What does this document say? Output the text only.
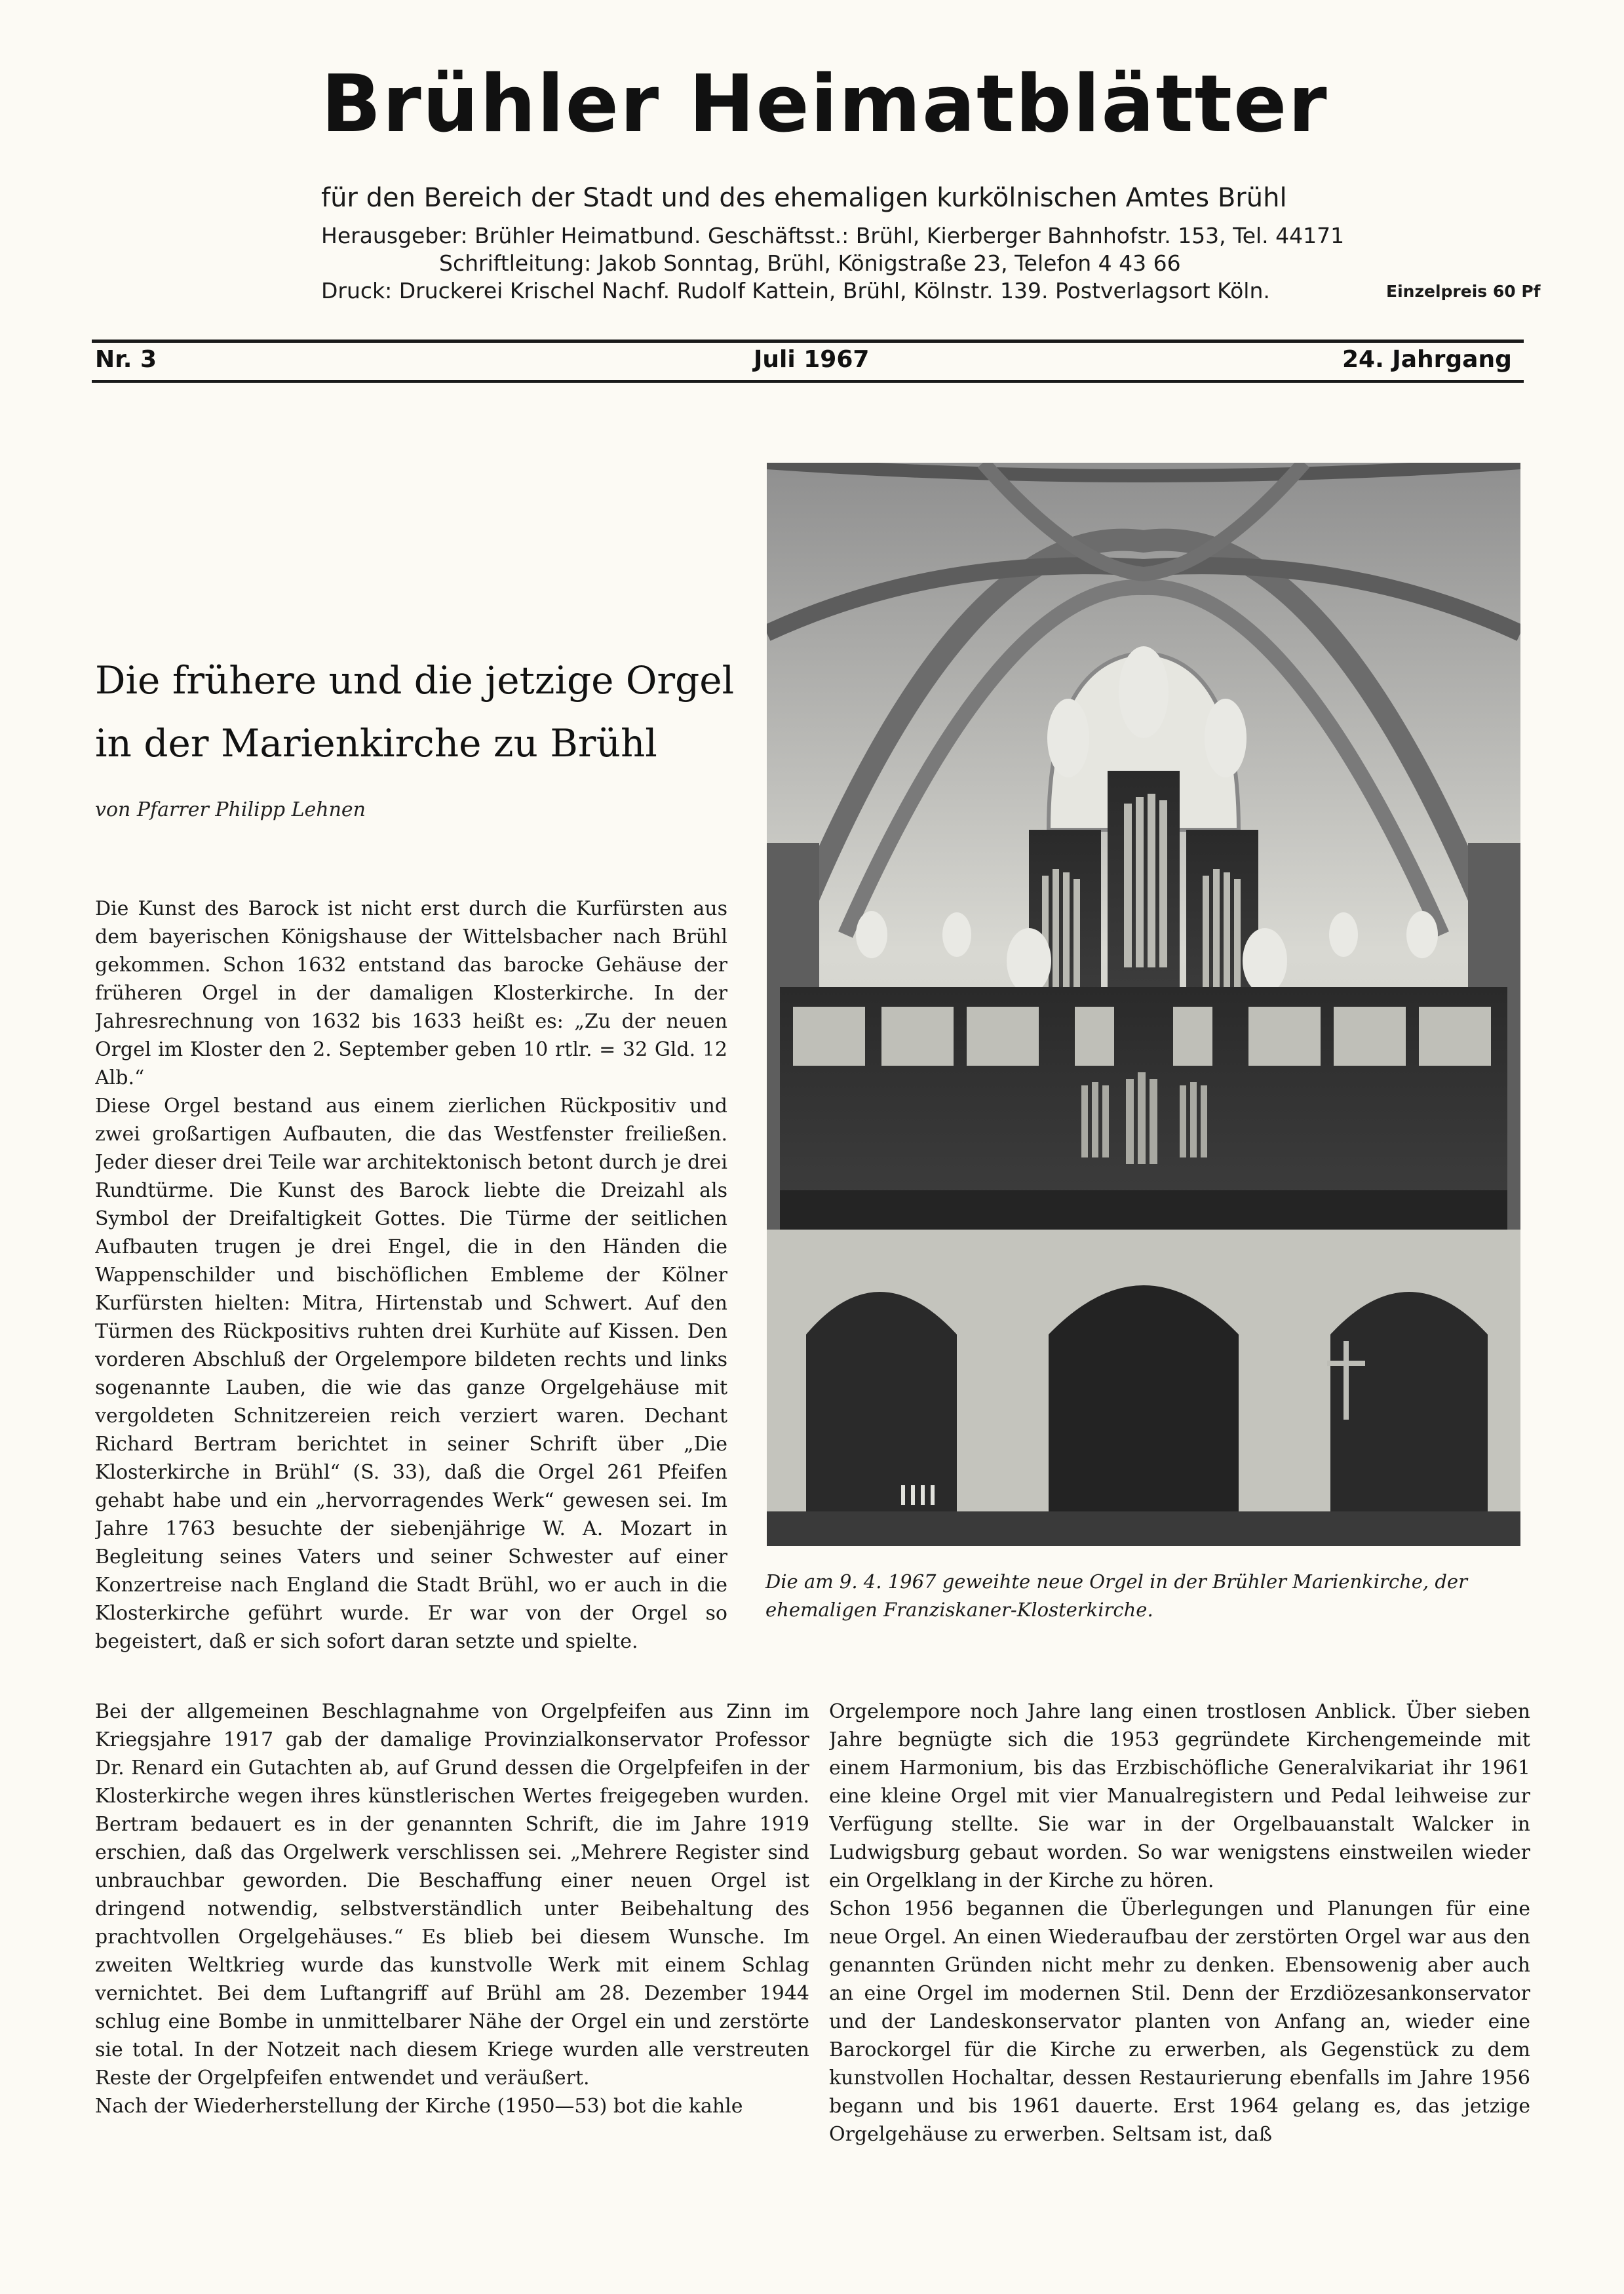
Brühler Heimatblätter
für den Bereich der Stadt und des ehemaligen kurkölnischen Amtes Brühl
Herausgeber: Brühler Heimatbund. Geschäftsst.: Brühl, Kierberger Bahnhofstr. 153, Tel. 44171
Schriftleitung: Jakob Sonntag, Brühl, Königstraße 23, Telefon 4 43 66
Druck: Druckerei Krischel Nachf. Rudolf Kattein, Brühl, Kölnstr. 139. Postverlagsort Köln.	Einzelpreis 60 Pf
Nr. 3	Juli 1967	24. Jahrgang
Die frühere und die jetzige Orgel in der Marienkirche zu Brühl
von Pfarrer Philipp Lehnen

Die Kunst des Barock ist nicht erst durch die Kurfürsten aus dem bayerischen Königshause der Wittelsbacher nach Brühl gekommen. Schon 1632 entstand das barocke Gehäuse der früheren Orgel in der damaligen Klosterkirche. In der Jahresrechnung von 1632 bis 1633 heißt es: „Zu der neuen Orgel im Kloster den 2. September geben 10 rtlr. = 32 Gld. 12 Alb.“

Diese Orgel bestand aus einem zierlichen Rückpositiv und zwei großartigen Aufbauten, die das Westfenster freiließen. Jeder dieser drei Teile war architektonisch betont durch je drei Rundtürme. Die Kunst des Barock liebte die Dreizahl als Symbol der Dreifaltigkeit Gottes. Die Türme der seitlichen Aufbauten trugen je drei Engel, die in den Händen die Wappenschilder und bischöflichen Embleme der Kölner Kurfürsten hielten: Mitra, Hirtenstab und Schwert. Auf den Türmen des Rückpositivs ruhten drei Kurhüte auf Kissen. Den vorderen Abschluß der Orgelempore bildeten rechts und links sogenannte Lauben, die wie das ganze Orgelgehäuse mit vergoldeten Schnitzereien reich verziert waren. Dechant Richard Bertram berichtet in seiner Schrift über „Die Klosterkirche in Brühl“ (S. 33), daß die Orgel 261 Pfeifen gehabt habe und ein „hervorragendes Werk“ gewesen sei. Im Jahre 1763 besuchte der siebenjährige W. A. Mozart in Begleitung seines Vaters und seiner Schwester auf einer Konzertreise nach England die Stadt Brühl, wo er auch in die Klosterkirche geführt wurde. Er war von der Orgel so begeistert, daß er sich sofort daran setzte und spielte.

Bei der allgemeinen Beschlagnahme von Orgelpfeifen aus Zinn im Kriegsjahre 1917 gab der damalige Provinzialkonservator Professor Dr. Renard ein Gutachten ab, auf Grund dessen die Orgelpfeifen in der Klosterkirche wegen ihres künstlerischen Wertes freigegeben wurden. Bertram bedauert es in der genannten Schrift, die im Jahre 1919 erschien, daß das Orgelwerk verschlissen sei. „Mehrere Register sind unbrauchbar geworden. Die Beschaffung einer neuen Orgel ist dringend notwendig, selbstverständlich unter Beibehaltung des prachtvollen Orgelgehäuses.“ Es blieb bei diesem Wunsche. Im zweiten Weltkrieg wurde das kunstvolle Werk mit einem Schlag vernichtet. Bei dem Luftangriff auf Brühl am 28. Dezember 1944 schlug eine Bombe in unmittelbarer Nähe der Orgel ein und zerstörte sie total. In der Notzeit nach diesem Kriege wurden alle verstreuten Reste der Orgelpfeifen entwendet und veräußert.

Nach der Wiederherstellung der Kirche (1950—53) bot die kahle

Orgelempore noch Jahre lang einen trostlosen Anblick. Über sieben Jahre begnügte sich die 1953 gegründete Kirchengemeinde mit einem Harmonium, bis das Erzbischöfliche Generalvikariat ihr 1961 eine kleine Orgel mit vier Manualregistern und Pedal leihweise zur Verfügung stellte. Sie war in der Orgelbauanstalt Walcker in Ludwigsburg gebaut worden. So war wenigstens einstweilen wieder ein Orgelklang in der Kirche zu hören.

Schon 1956 begannen die Überlegungen und Planungen für eine neue Orgel. An einen Wiederaufbau der zerstörten Orgel war aus den genannten Gründen nicht mehr zu denken. Ebensowenig aber auch an eine Orgel im modernen Stil. Denn der Erzdiözesankonservator und der Landeskonservator planten von Anfang an, wieder eine Barockorgel für die Kirche zu erwerben, als Gegenstück zu dem kunstvollen Hochaltar, dessen Restaurierung ebenfalls im Jahre 1956 begann und bis 1961 dauerte. Erst 1964 gelang es, das jetzige Orgelgehäuse zu erwerben. Seltsam ist, daß

Die am 9. 4. 1967 geweihte neue Orgel in der Brühler Marienkirche, der ehemaligen Franziskaner-Klosterkirche.
